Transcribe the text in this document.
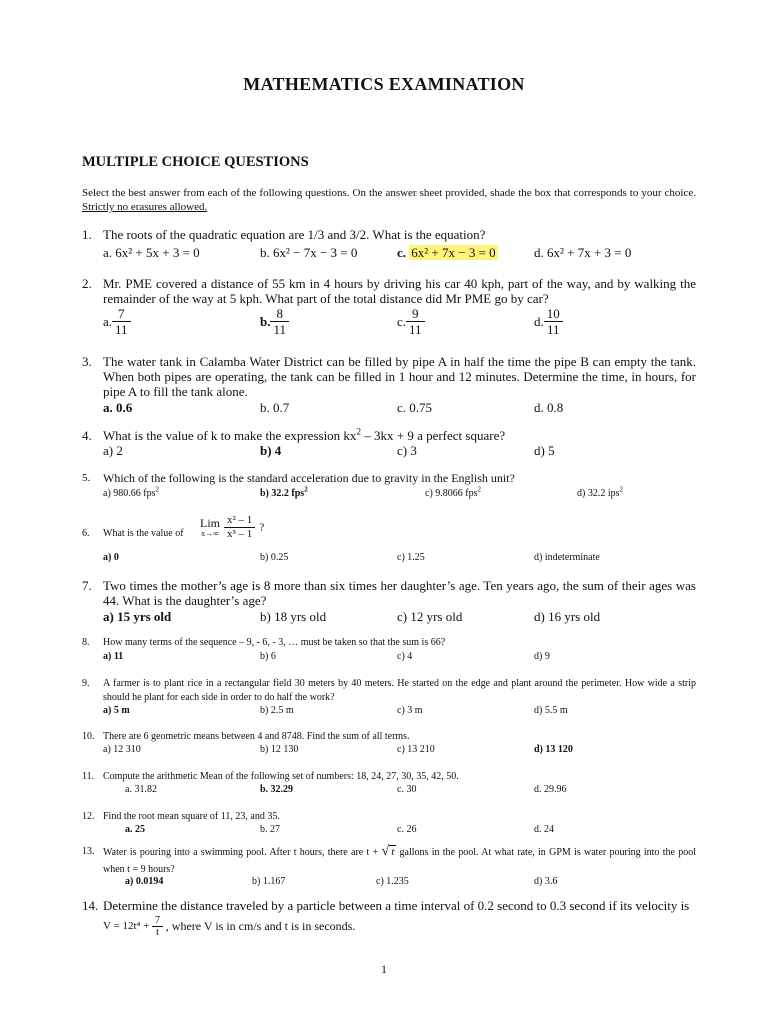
MATHEMATICS EXAMINATION
MULTIPLE CHOICE QUESTIONS
Select the best answer from each of the following questions. On the answer sheet provided, shade the box that corresponds to your choice. Strictly no erasures allowed.
1. The roots of the quadratic equation are 1/3 and 3/2. What is the equation?
a. 6x² + 5x + 3 = 0	b. 6x² − 7x − 3 = 0	c. 6x² + 7x − 3 = 0	d. 6x² + 7x + 3 = 0
2. Mr. PME covered a distance of 55 km in 4 hours by driving his car 40 kph, part of the way, and by walking the remainder of the way at 5 kph. What part of the total distance did Mr PME go by car?
a. $\frac{7}{11}$	b. $\frac{8}{11}$	c. $\frac{9}{11}$	d. $\frac{10}{11}$
3. The water tank in Calamba Water District can be filled by pipe A in half the time the pipe B can empty the tank. When both pipes are operating, the tank can be filled in 1 hour and 12 minutes. Determine the time, in hours, for pipe A to fill the tank alone.
a. 0.6	b. 0.7	c. 0.75	d. 0.8
4. What is the value of k to make the expression $kx^2 - 3kx + 9$ a perfect square?
a) 2	b) 4	c) 3	d) 5
5. Which of the following is the standard acceleration due to gravity in the English unit?
a) 980.66 fps$^2$	b) 32.2 fps$^2$	c) 9.8066 fps$^2$	d) 32.2 ips$^2$
6. What is the value of
Lim
x→∞
$\frac{\text{x² – 1}}{\text{x³ – 1}}$ ?
a) 0	b) 0.25	c) 1.25	d) indeterminate
7. Two times the mother’s age is 8 more than six times her daughter’s age. Ten years ago, the sum of their ages was 44. What is the daughter’s age?
a) 15 yrs old	b) 18 yrs old	c) 12 yrs old	d) 16 yrs old
8. How many terms of the sequence – 9, - 6, - 3, … must be taken so that the sum is 66?
a) 11	b) 6	c) 4	d) 9
9. A farmer is to plant rice in a rectangular field 30 meters by 40 meters. He started on the edge and plant around the perimeter. How wide a strip should he plant for each side in order to do half the work?
a) 5 m	b) 2.5 m	c) 3 m	d) 5.5 m
10. There are 6 geometric means between 4 and 8748. Find the sum of all terms.
a) 12 310	b) 12 130	c) 13 210	d) 13 120
11. Compute the arithmetic Mean of the following set of numbers: 18, 24, 27, 30, 35, 42, 50.
a. 31.82	b. 32.29	c. 30	d. 29.96
12. Find the root mean square of 11, 23, and 35.
a. 25	b. 27	c. 26	d. 24
13. Water is pouring into a swimming pool. After t hours, there are t + √ t gallons in the pool. At what rate, in GPM is water pouring into the pool when t = 9 hours?
a) 0.0194	b) 1.167	c) 1.235	d) 3.6
14. Determine the distance traveled by a particle between a time interval of 0.2 second to 0.3 second if its velocity is
$V = 12t^4 + \frac{7}{t}$ , where V is in cm/s and t is in seconds.
1
